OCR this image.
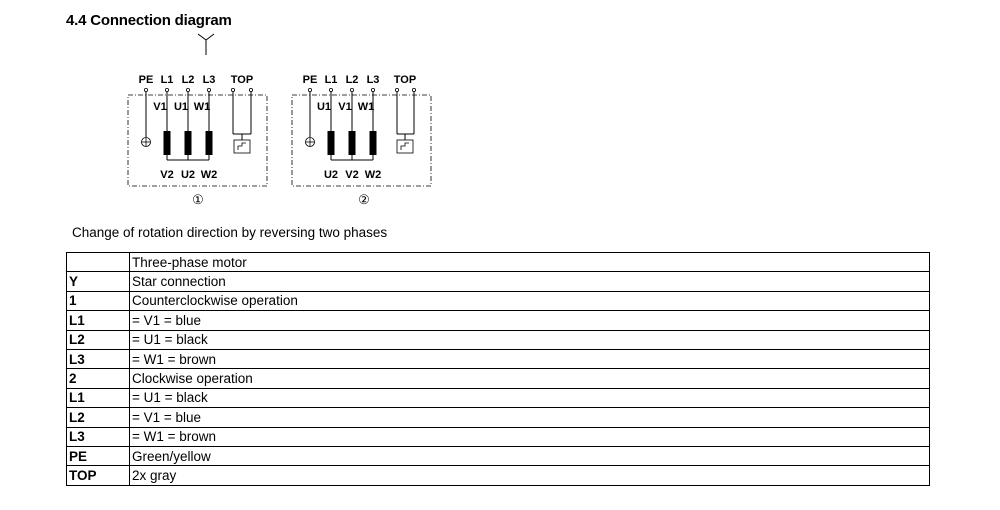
4.4 Connection diagram
PE L1 L2 L3 TOP
V1 U1 W1
V2 U2 W2
①
PE L1 L2 L3 TOP
U1 V1 W1
U2 V2 W2
②
Change of rotation direction by reversing two phases
	Three-phase motor
Y	Star connection
1	Counterclockwise operation
L1	= V1 = blue
L2	= U1 = black
L3	= W1 = brown
2	Clockwise operation
L1	= U1 = black
L2	= V1 = blue
L3	= W1 = brown
PE	Green/yellow
TOP	2x gray
